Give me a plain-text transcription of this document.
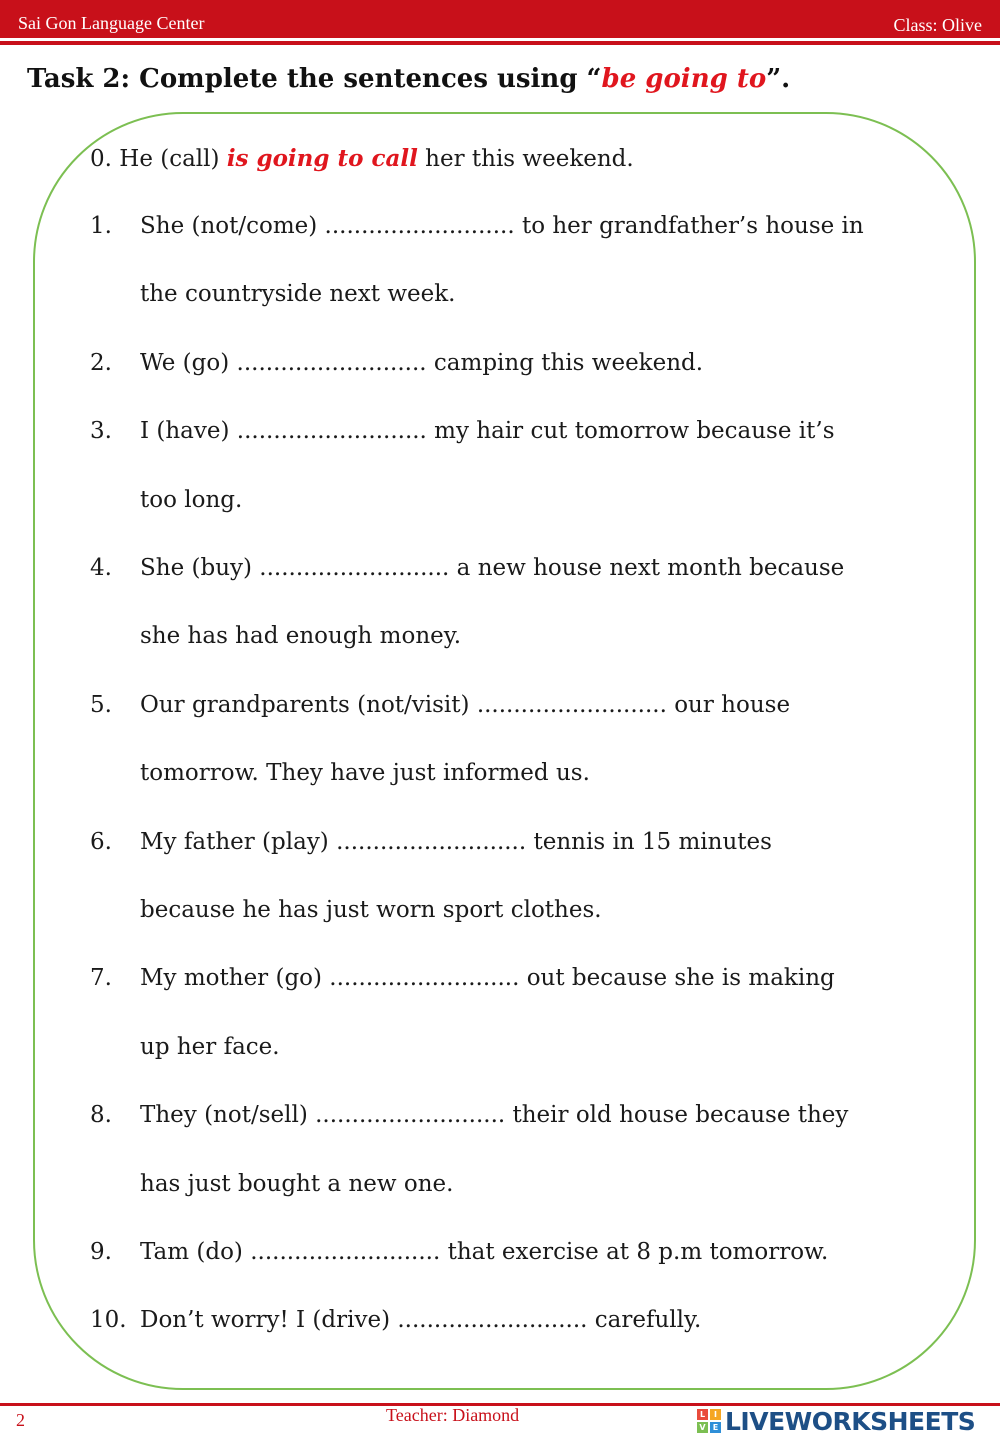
Sai Gon Language Center	Class: Olive
Task 2: Complete the sentences using “be going to”.
0. He (call) is going to call her this weekend.
1. She (not/come) .......................... to her grandfather’s house in
the countryside next week.
2. We (go) .......................... camping this weekend.
3. I (have) .......................... my hair cut tomorrow because it’s
too long.
4. She (buy) .......................... a new house next month because
she has had enough money.
5. Our grandparents (not/visit) .......................... our house
tomorrow. They have just informed us.
6. My father (play) .......................... tennis in 15 minutes
because he has just worn sport clothes.
7. My mother (go) .......................... out because she is making
up her face.
8. They (not/sell) .......................... their old house because they
has just bought a new one.
9. Tam (do) .......................... that exercise at 8 p.m tomorrow.
10. Don’t worry! I (drive) .......................... carefully.
2	Teacher: Diamond	L	I
V E LIVEWORKSHEETS
